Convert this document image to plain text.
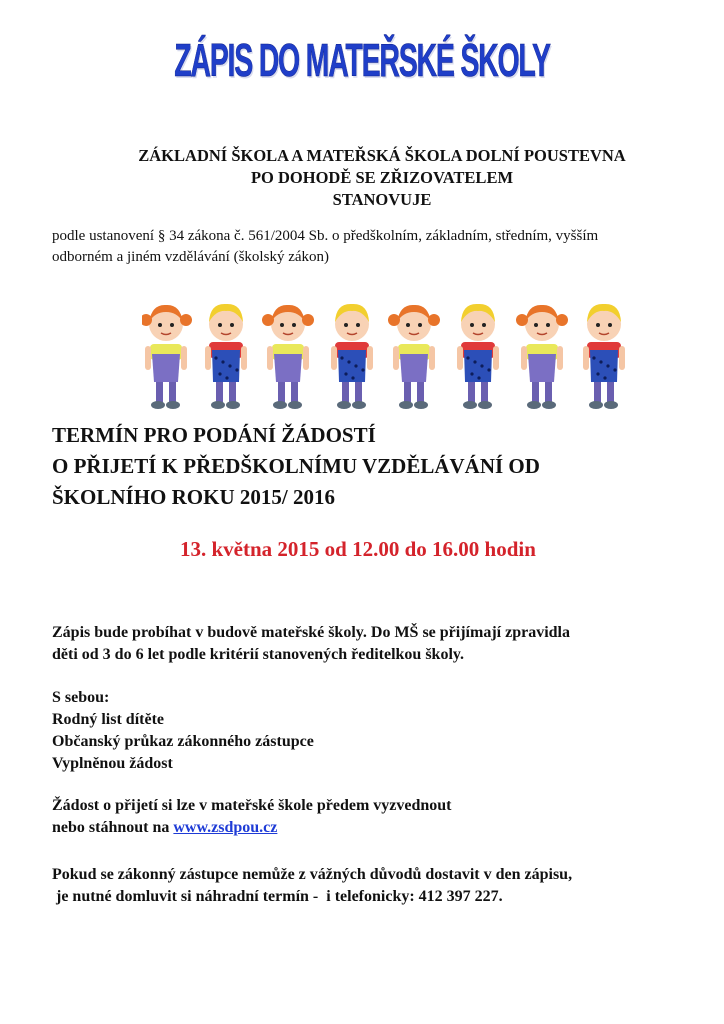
ZÁPIS DO MATEŘSKÉ ŠKOLY
ZÁKLADNÍ ŠKOLA A MATEŘSKÁ ŠKOLA DOLNÍ POUSTEVNA
PO DOHODĚ SE ZŘIZOVATELEM
STANOVUJE
podle ustanovení § 34 zákona č. 561/2004 Sb. o předškolním, základním, středním, vyšším
odborném a jiném vzdělávání (školský zákon)
TERMÍN PRO PODÁNÍ ŽÁDOSTÍ
O PŘIJETÍ K PŘEDŠKOLNÍMU VZDĚLÁVÁNÍ OD
ŠKOLNÍHO ROKU 2015/ 2016
13. května 2015 od 12.00 do 16.00 hodin
Zápis bude probíhat v budově mateřské školy. Do MŠ se přijímají zpravidla
děti od 3 do 6 let podle kritérií stanovených ředitelkou školy.
S sebou:
Rodný list dítěte
Občanský průkaz zákonného zástupce
Vyplněnou žádost
Žádost o přijetí si lze v mateřské škole předem vyzvednout
nebo stáhnout na www.zsdpou.cz
Pokud se zákonný zástupce nemůže z vážných důvodů dostavit v den zápisu,
je nutné domluvit si náhradní termín -  i telefonicky: 412 397 227.
